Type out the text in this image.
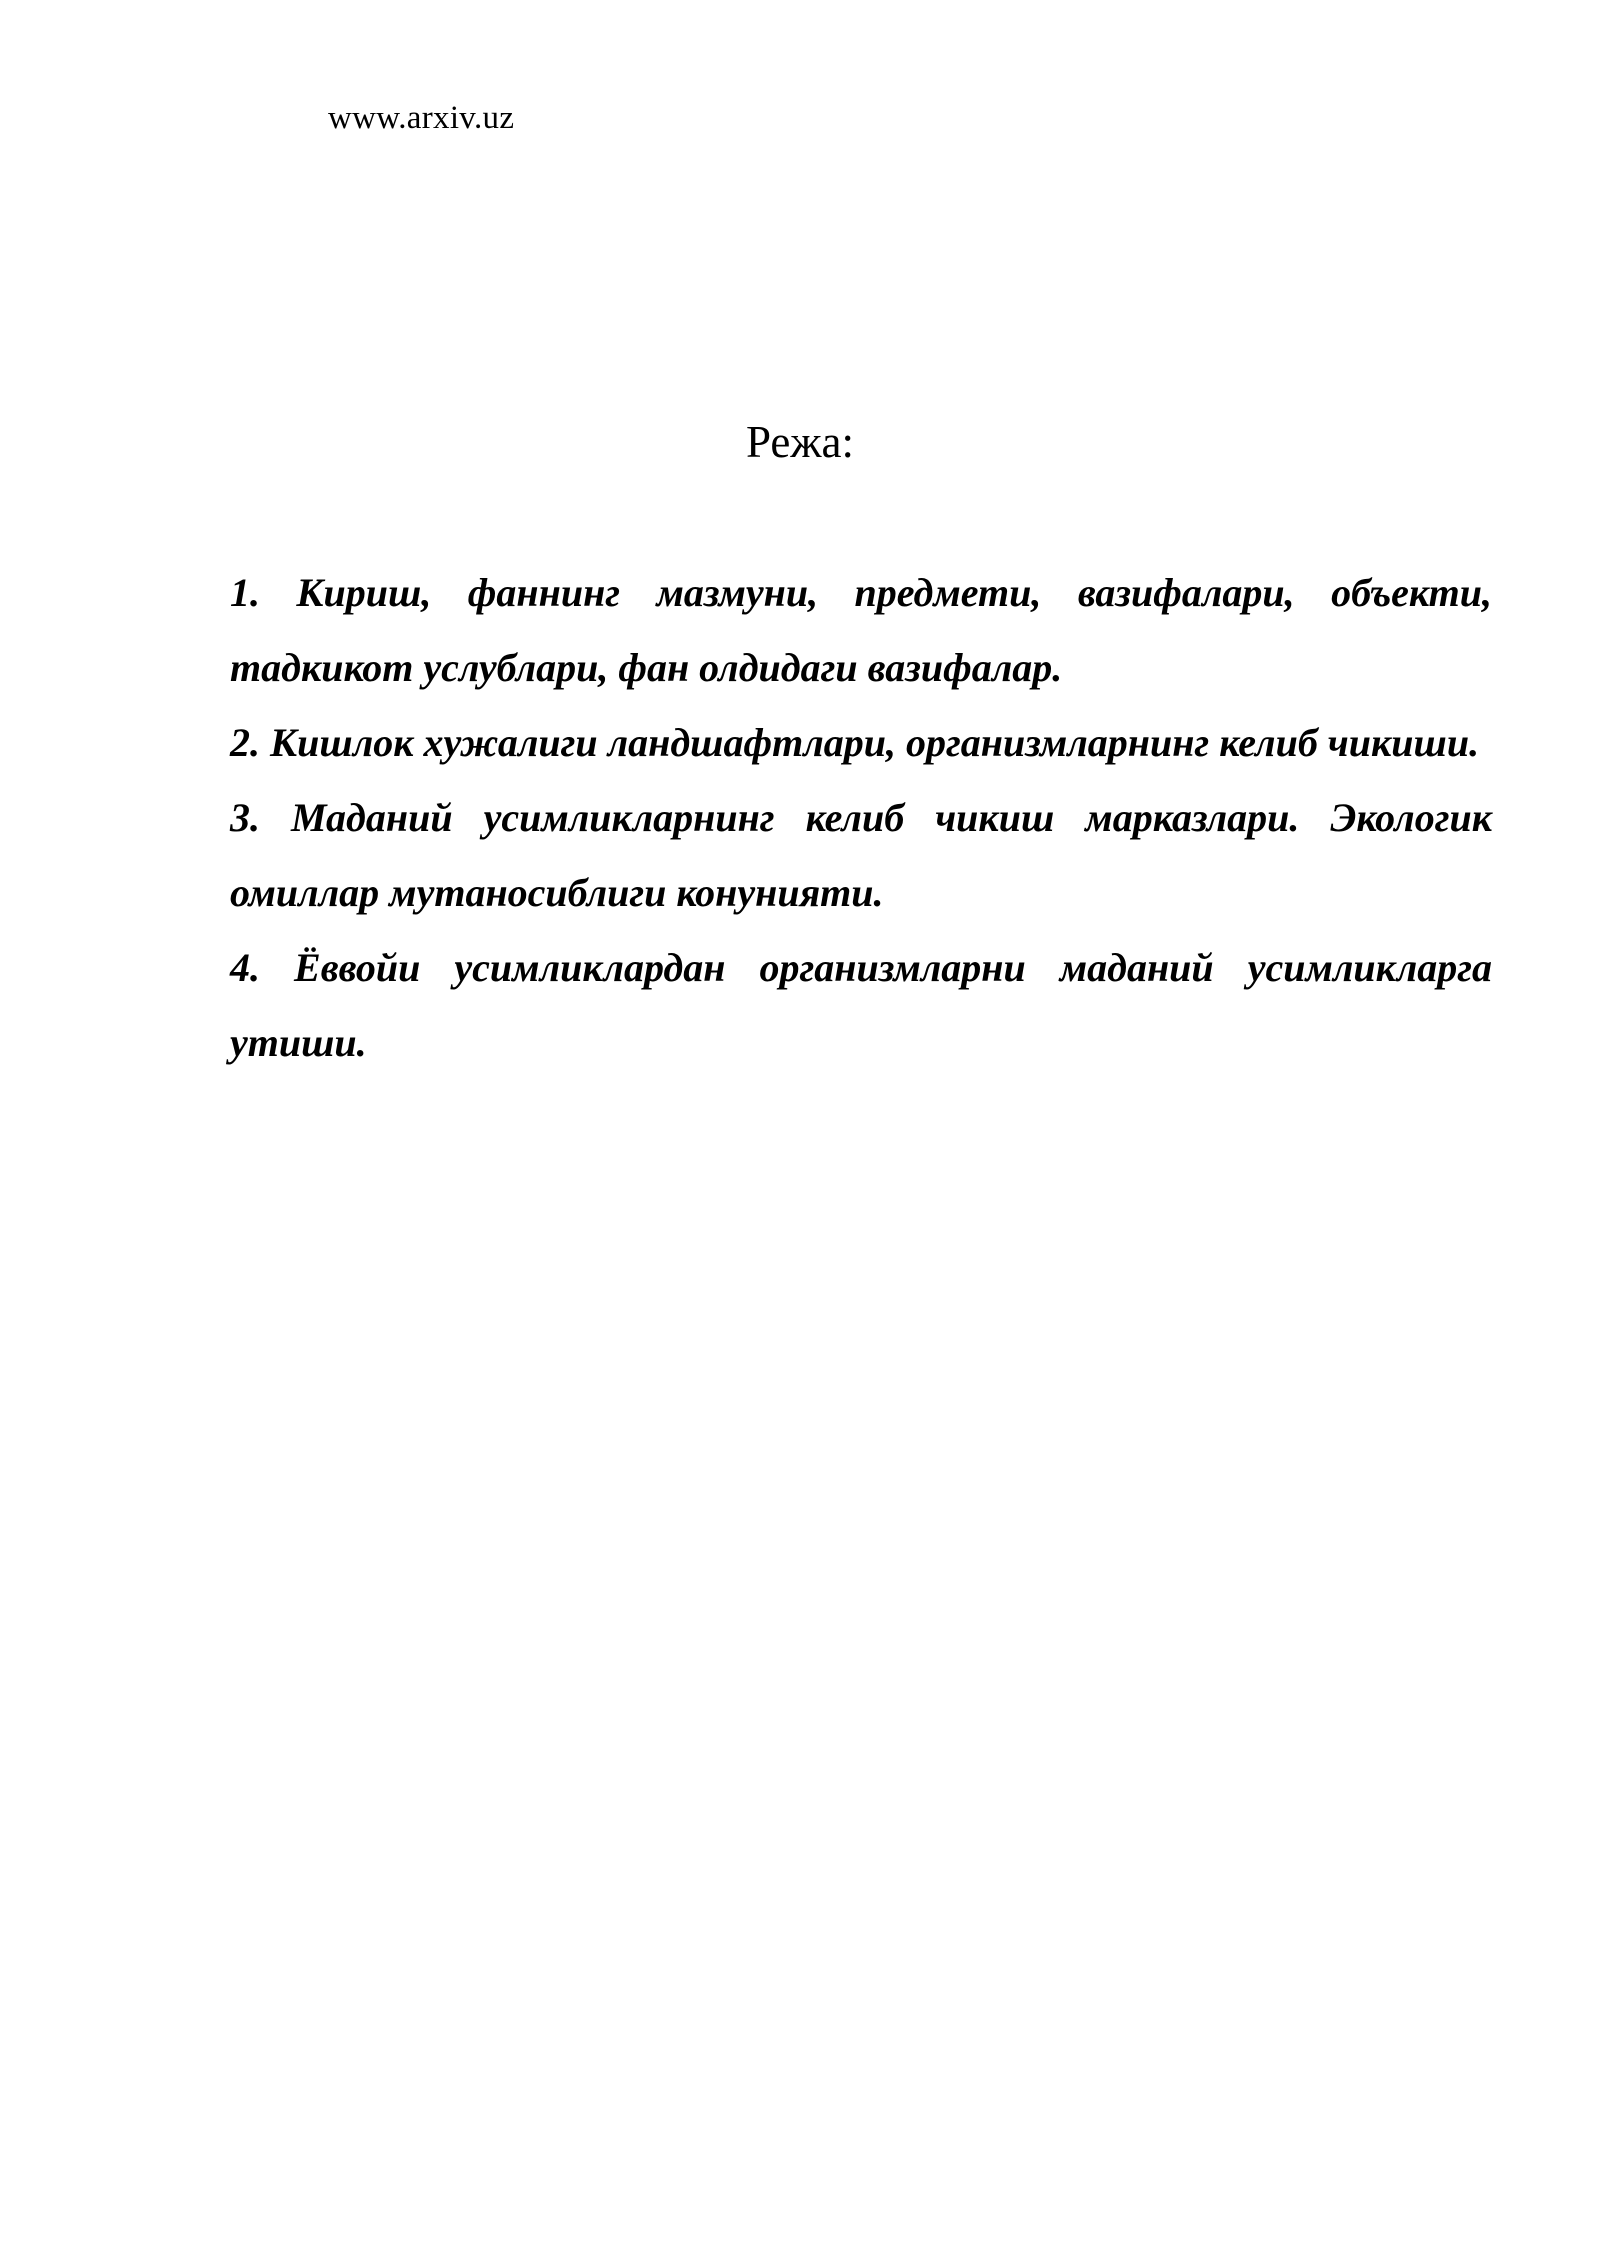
www.arxiv.uz
Режа:
1. Кириш, фаннинг мазмуни, предмети, вазифалари, объекти, тадкикот услублари, фан олдидаги вазифалар.
2. Кишлок хужалиги ландшафтлари, организмларнинг келиб чикиши.
3. Маданий усимликларнинг келиб чикиш марказлари. Экологик омиллар мутаносиблиги конунияти.
4. Ёввойи усимликлардан организмларни маданий усимликларга утиши.
